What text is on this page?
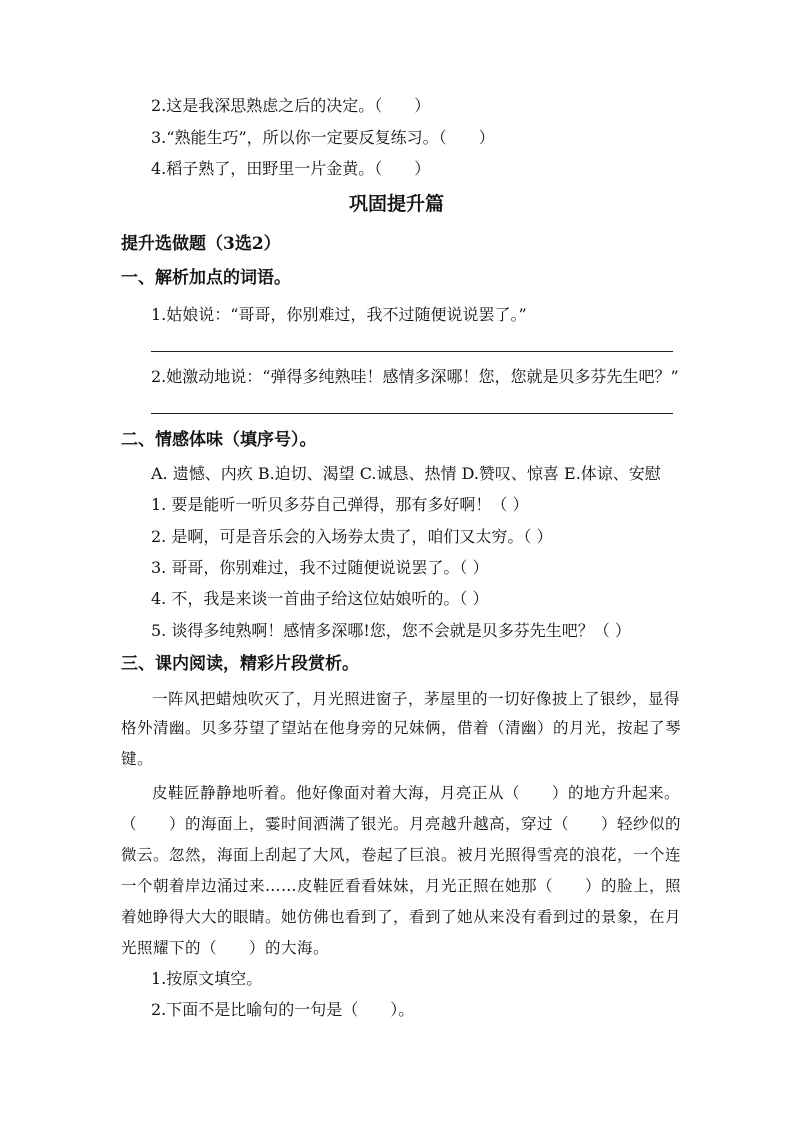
2.这是我深思熟虑之后的决定。（　　）
3.“熟能生巧”，所以你一定要反复练习。（　　）
4.稻子熟了，田野里一片金黄。（　　）
巩固提升篇
提升选做题（3选2）
一、解析加点的词语。
1.姑娘说：“哥哥，你别难过，我不过随便说说罢了。”
2.她激动地说：“弹得多纯熟哇！感情多深哪！您，您就是贝多芬先生吧？”
二、情感体味（填序号）。
A. 遗憾、内疚 B.迫切、渴望 C.诚恳、热情 D.赞叹、惊喜 E.体谅、安慰
1. 要是能听一听贝多芬自己弹得，那有多好啊！（ ）
2. 是啊，可是音乐会的入场券太贵了，咱们又太穷。（ ）
3. 哥哥，你别难过，我不过随便说说罢了。（ ）
4. 不，我是来谈一首曲子给这位姑娘听的。（ ）
5. 谈得多纯熟啊！感情多深哪!您，您不会就是贝多芬先生吧？（ ）
三、课内阅读，精彩片段赏析。
一阵风把蜡烛吹灭了，月光照进窗子，茅屋里的一切好像披上了银纱，显得
格外清幽。贝多芬望了望站在他身旁的兄妹俩，借着（清幽）的月光，按起了琴
键。
皮鞋匠静静地听着。他好像面对着大海，月亮正从（　　）的地方升起来。
（　　）的海面上，霎时间洒满了银光。月亮越升越高，穿过（　　）轻纱似的
微云。忽然，海面上刮起了大风，卷起了巨浪。被月光照得雪亮的浪花，一个连
一个朝着岸边涌过来……皮鞋匠看看妹妹，月光正照在她那（　　）的脸上，照
着她睁得大大的眼睛。她仿佛也看到了，看到了她从来没有看到过的景象，在月
光照耀下的（　　）的大海。
1.按原文填空。
2.下面不是比喻句的一句是（　　）。
